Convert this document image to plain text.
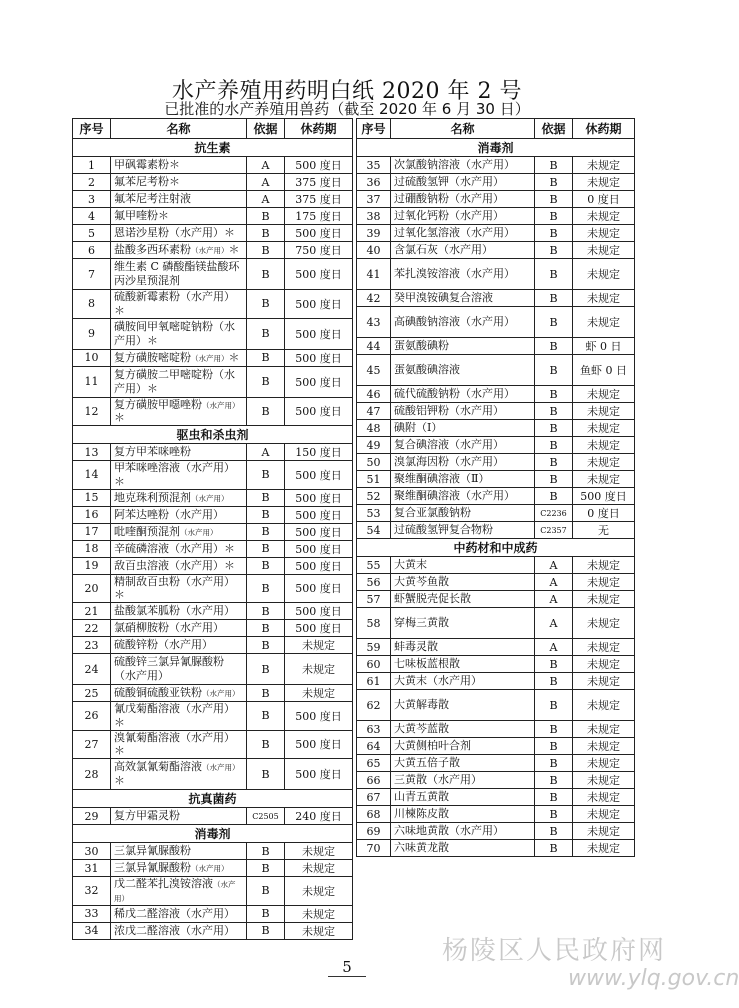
水产养殖用药明白纸 2020 年 2 号
已批准的水产养殖用兽药（截至 2020 年 6 月 30 日）
序号	名称	依据	休药期
抗生素			
1	甲砜霉素粉＊	A	500 度日
2	氟苯尼考粉＊	A	375 度日
3	氟苯尼考注射液	A	375 度日
4	氟甲喹粉＊	B	175 度日
5	恩诺沙星粉（水产用）＊	B	500 度日
6	盐酸多西环素粉（水产用）＊	B	750 度日
7	维生素 C 磷酸酯镁盐酸环丙沙星预混剂	B	500 度日
8	硫酸新霉素粉（水产用）＊	B	500 度日
9	磺胺间甲氧嘧啶钠粉（水产用）＊	B	500 度日
10	复方磺胺嘧啶粉（水产用）＊	B	500 度日
11	复方磺胺二甲嘧啶粉（水产用）＊	B	500 度日
12	复方磺胺甲噁唑粉（水产用）＊	B	500 度日
驱虫和杀虫剂			
13	复方甲苯咪唑粉	A	150 度日
14	甲苯咪唑溶液（水产用）＊	B	500 度日
15	地克珠利预混剂（水产用）	B	500 度日
16	阿苯达唑粉（水产用）	B	500 度日
17	吡喹酮预混剂（水产用）	B	500 度日
18	辛硫磷溶液（水产用）＊	B	500 度日
19	敌百虫溶液（水产用）＊	B	500 度日
20	精制敌百虫粉（水产用）＊	B	500 度日
21	盐酸氯苯胍粉（水产用）	B	500 度日
22	氯硝柳胺粉（水产用）	B	500 度日
23	硫酸锌粉（水产用）	B	未规定
24	硫酸锌三氯异氰脲酸粉（水产用）	B	未规定
25	硫酸铜硫酸亚铁粉（水产用）	B	未规定
26	氰戊菊酯溶液（水产用）＊	B	500 度日
27	溴氰菊酯溶液（水产用）＊	B	500 度日
28	高效氯氰菊酯溶液（水产用）＊	B	500 度日
抗真菌药			
29	复方甲霜灵粉	C2505	240 度日
消毒剂			
30	三氯异氰脲酸粉	B	未规定
31	三氯异氰脲酸粉（水产用）	B	未规定
32	戊二醛苯扎溴铵溶液（水产用）	B	未规定
33	稀戊二醛溶液（水产用）	B	未规定
34	浓戊二醛溶液（水产用）	B	未规定
序号	名称	依据	休药期
消毒剂			
35	次氯酸钠溶液（水产用）	B	未规定
36	过硫酸氢钾（水产用）	B	未规定
37	过硼酸钠粉（水产用）	B	0 度日
38	过氧化钙粉（水产用）	B	未规定
39	过氧化氢溶液（水产用）	B	未规定
40	含氯石灰（水产用）	B	未规定
41	苯扎溴铵溶液（水产用）	B	未规定
42	癸甲溴铵碘复合溶液	B	未规定
43	高碘酸钠溶液（水产用）	B	未规定
44	蛋氨酸碘粉	B	虾 0 日
45	蛋氨酸碘溶液	B	鱼虾 0 日
46	硫代硫酸钠粉（水产用）	B	未规定
47	硫酸铝钾粉（水产用）	B	未规定
48	碘附（Ⅰ）	B	未规定
49	复合碘溶液（水产用）	B	未规定
50	溴氯海因粉（水产用）	B	未规定
51	聚维酮碘溶液（Ⅱ）	B	未规定
52	聚维酮碘溶液（水产用）	B	500 度日
53	复合亚氯酸钠粉	C2236	0 度日
54	过硫酸氢钾复合物粉	C2357	无
中药材和中成药			
55	大黄末	A	未规定
56	大黄芩鱼散	A	未规定
57	虾蟹脱壳促长散	A	未规定
58	穿梅三黄散	A	未规定
59	蚌毒灵散	A	未规定
60	七味板蓝根散	B	未规定
61	大黄末（水产用）	B	未规定
62	大黄解毒散	B	未规定
63	大黄芩蓝散	B	未规定
64	大黄侧柏叶合剂	B	未规定
65	大黄五倍子散	B	未规定
66	三黄散（水产用）	B	未规定
67	山青五黄散	B	未规定
68	川楝陈皮散	B	未规定
69	六味地黄散（水产用）	B	未规定
70	六味黄龙散	B	未规定
5
杨陵区人民政府网
www.ylq.gov.cn
